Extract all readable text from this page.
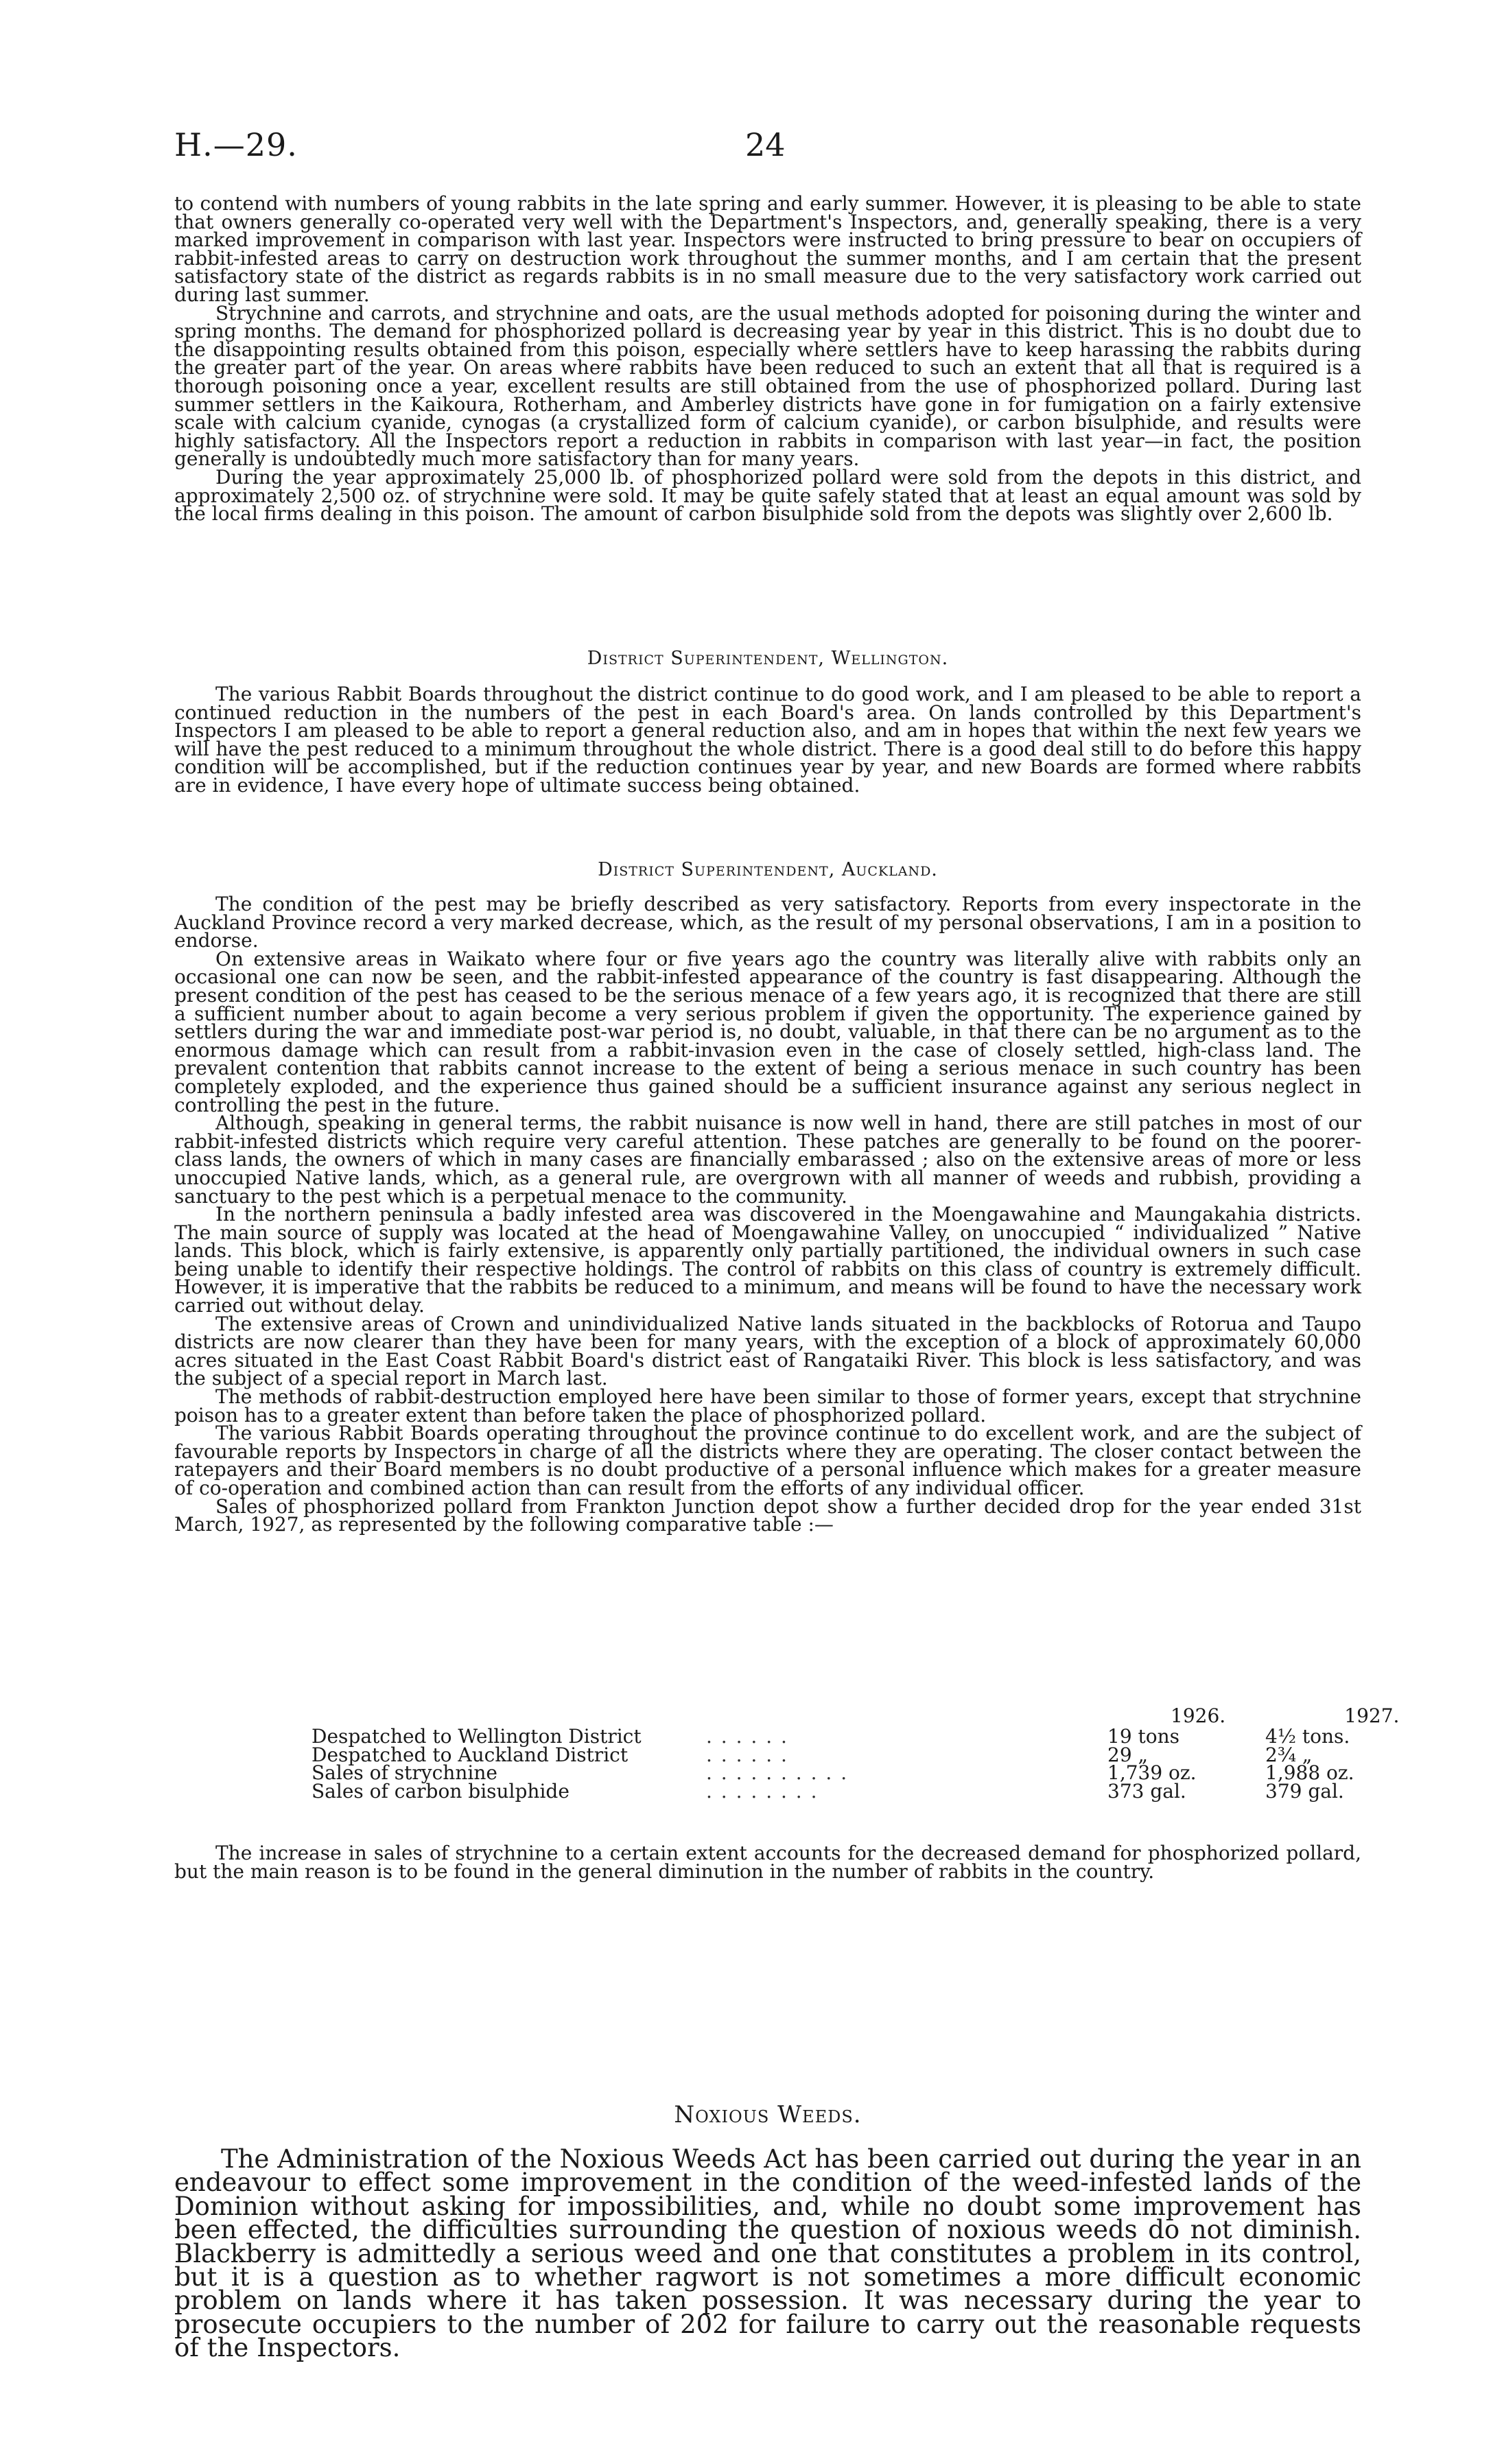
H.—29.	24

to contend with numbers of young rabbits in the late spring and early summer. However, it is pleasing to be able to state that owners generally co-operated very well with the Department's Inspectors, and, generally speaking, there is a very marked improvement in comparison with last year. Inspectors were instructed to bring pressure to bear on occupiers of rabbit-infested areas to carry on destruction work throughout the summer months, and I am certain that the present satisfactory state of the district as regards rabbits is in no small measure due to the very satisfactory work carried out during last summer.

Strychnine and carrots, and strychnine and oats, are the usual methods adopted for poisoning during the winter and spring months. The demand for phosphorized pollard is decreasing year by year in this district. This is no doubt due to the disappointing results obtained from this poison, especially where settlers have to keep harassing the rabbits during the greater part of the year. On areas where rabbits have been reduced to such an extent that all that is required is a thorough poisoning once a year, excellent results are still obtained from the use of phosphorized pollard. During last summer settlers in the Kaikoura, Rotherham, and Amberley districts have gone in for fumigation on a fairly extensive scale with calcium cyanide, cynogas (a crystallized form of calcium cyanide), or carbon bisulphide, and results were highly satisfactory. All the Inspectors report a reduction in rabbits in comparison with last year—in fact, the position generally is undoubtedly much more satisfactory than for many years.

During the year approximately 25,000 lb. of phosphorized pollard were sold from the depots in this district, and approximately 2,500 oz. of strychnine were sold. It may be quite safely stated that at least an equal amount was sold by the local firms dealing in this poison. The amount of carbon bisulphide sold from the depots was slightly over 2,600 lb.

District Superintendent, Wellington.

The various Rabbit Boards throughout the district continue to do good work, and I am pleased to be able to report a continued reduction in the numbers of the pest in each Board's area. On lands controlled by this Department's Inspectors I am pleased to be able to report a general reduction also, and am in hopes that within the next few years we will have the pest reduced to a minimum throughout the whole district. There is a good deal still to do before this happy condition will be accomplished, but if the reduction continues year by year, and new Boards are formed where rabbits are in evidence, I have every hope of ultimate success being obtained.

District Superintendent, Auckland.

The condition of the pest may be briefly described as very satisfactory. Reports from every inspectorate in the Auckland Province record a very marked decrease, which, as the result of my personal observations, I am in a position to endorse.

On extensive areas in Waikato where four or five years ago the country was literally alive with rabbits only an occasional one can now be seen, and the rabbit-infested appearance of the country is fast disappearing. Although the present condition of the pest has ceased to be the serious menace of a few years ago, it is recognized that there are still a sufficient number about to again become a very serious problem if given the opportunity. The experience gained by settlers during the war and immediate post-war period is, no doubt, valuable, in that there can be no argument as to the enormous damage which can result from a rabbit-invasion even in the case of closely settled, high-class land. The prevalent contention that rabbits cannot increase to the extent of being a serious menace in such country has been completely exploded, and the experience thus gained should be a sufficient insurance against any serious neglect in controlling the pest in the future.

Although, speaking in general terms, the rabbit nuisance is now well in hand, there are still patches in most of our rabbit-infested districts which require very careful attention. These patches are generally to be found on the poorer-class lands, the owners of which in many cases are financially embarassed ; also on the extensive areas of more or less unoccupied Native lands, which, as a general rule, are overgrown with all manner of weeds and rubbish, providing a sanctuary to the pest which is a perpetual menace to the community.

In the northern peninsula a badly infested area was discovered in the Moengawahine and Maungakahia districts. The main source of supply was located at the head of Moengawahine Valley, on unoccupied “ individualized ” Native lands. This block, which is fairly extensive, is apparently only partially partitioned, the individual owners in such case being unable to identify their respective holdings. The control of rabbits on this class of country is extremely difficult. However, it is imperative that the rabbits be reduced to a minimum, and means will be found to have the necessary work carried out without delay.

The extensive areas of Crown and unindividualized Native lands situated in the backblocks of Rotorua and Taupo districts are now clearer than they have been for many years, with the exception of a block of approximately 60,000 acres situated in the East Coast Rabbit Board's district east of Rangataiki River. This block is less satisfactory, and was the subject of a special report in March last.

The methods of rabbit-destruction employed here have been similar to those of former years, except that strychnine poison has to a greater extent than before taken the place of phosphorized pollard.

The various Rabbit Boards operating throughout the province continue to do excellent work, and are the subject of favourable reports by Inspectors in charge of all the districts where they are operating. The closer contact between the ratepayers and their Board members is no doubt productive of a personal influence which makes for a greater measure of co-operation and combined action than can result from the efforts of any individual officer.

Sales of phosphorized pollard from Frankton Junction depot show a further decided drop for the year ended 31st March, 1927, as represented by the following comparative table :—

			1926.	1927.
Despatched to Wellington District	. . . . . .	19 tons	4½ tons.
Despatched to Auckland District	. . . . . .	29 „	2¾ „
Sales of strychnine	. . . . . . . . . .	1,739 oz.	1,988 oz.
Sales of carbon bisulphide	. . . . . . . .	373 gal.	379 gal.

The increase in sales of strychnine to a certain extent accounts for the decreased demand for phosphorized pollard, but the main reason is to be found in the general diminution in the number of rabbits in the country.

Noxious Weeds.

The Administration of the Noxious Weeds Act has been carried out during the year in an endeavour to effect some improvement in the condition of the weed-infested lands of the Dominion without asking for impossibilities, and, while no doubt some improvement has been effected, the difficulties surrounding the question of noxious weeds do not diminish. Blackberry is admittedly a serious weed and one that constitutes a problem in its control, but it is a question as to whether ragwort is not sometimes a more difficult economic problem on lands where it has taken possession. It was necessary during the year to prosecute occupiers to the number of 202 for failure to carry out the reasonable requests of the Inspectors.
